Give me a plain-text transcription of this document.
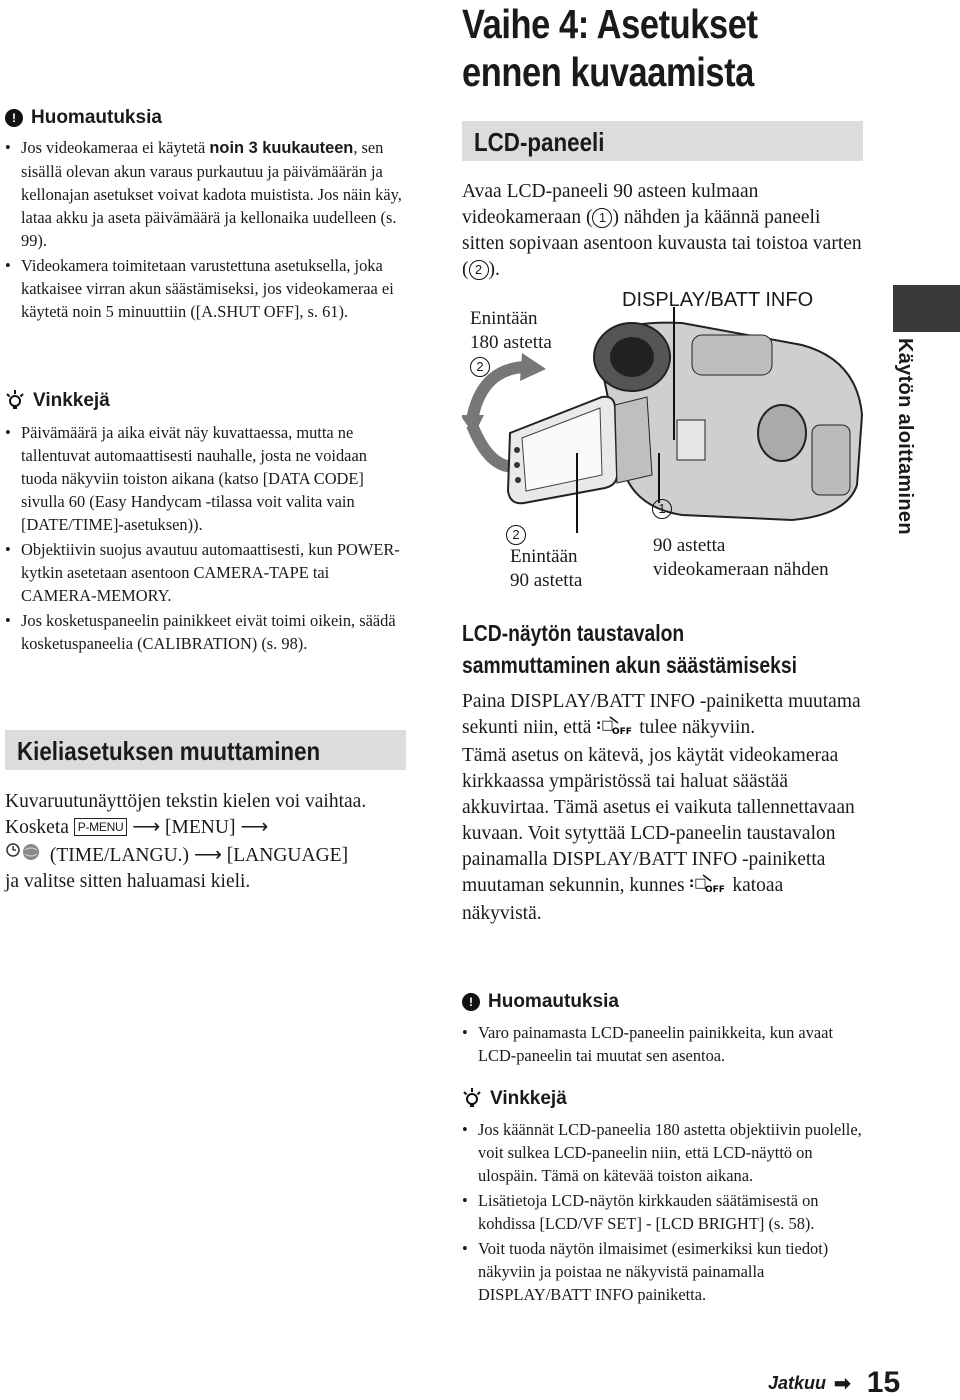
Vaihe 4: Asetukset
ennen kuvaamista
Käytön aloittaminen
! Huomautuksia
• Jos videokameraa ei käytetä noin 3 kuukauteen, sen sisällä olevan akun varaus purkautuu ja päivämäärän ja kellonajan asetukset voivat kadota muistista. Jos näin käy, lataa akku ja aseta päivämäärä ja kellonaika uudelleen (s. 99).
• Videokamera toimitetaan varustettuna asetuksella, joka katkaisee virran akun säästämiseksi, jos videokameraa ei käytetä noin 5 minuuttiin ([A.SHUT OFF], s. 61).
Vinkkejä
• Päivämäärä ja aika eivät näy kuvattaessa, mutta ne tallentuvat automaattisesti nauhalle, josta ne voidaan tuoda näkyviin toiston aikana (katso [DATA CODE] sivulla 60 (Easy Handycam -tilassa voit valita vain [DATE/TIME]-asetuksen)).
• Objektiivin suojus avautuu automaattisesti, kun POWER-kytkin asetetaan asentoon CAMERA-TAPE tai CAMERA-MEMORY.
• Jos kosketuspaneelin painikkeet eivät toimi oikein, säädä kosketuspaneelia (CALIBRATION) (s. 98).
Kieliasetuksen muuttaminen
Kuvaruutunäyttöjen tekstin kielen voi vaihtaa.
Kosketa P-MENU ⟶ [MENU] ⟶
(TIME/LANGU.) ⟶ [LANGUAGE]
ja valitse sitten haluamasi kieli.
LCD-paneeli
Avaa LCD-paneeli 90 asteen kulmaan videokameraan ( 1 ) nähden ja käännä paneeli sitten sopivaan asentoon kuvausta tai toistoa varten ( 2 ).
DISPLAY/BATT INFO
Enintään
180 astetta
2
2
Enintään
90 astetta
1
90 astetta
videokameraan nähden
LCD-näytön taustavalon
sammuttaminen akun säästämiseksi
Paina DISPLAY/BATT INFO -painiketta muutama sekunti niin, että :□
OFF tulee näkyviin.
Tämä asetus on kätevä, jos käytät videokameraa kirkkaassa ympäristössä tai haluat säästää akkuvirtaa. Tämä asetus ei vaikuta tallennettavaan kuvaan. Voit sytyttää LCD-paneelin taustavalon painamalla DISPLAY/BATT INFO -painiketta muutaman sekunnin, kunnes :□
OFF katoaa näkyvistä.
! Huomautuksia
• Varo painamasta LCD-paneelin painikkeita, kun avaat LCD-paneelin tai muutat sen asentoa.
Vinkkejä
• Jos käännät LCD-paneelia 180 astetta objektiivin puolelle, voit sulkea LCD-paneelin niin, että LCD-näyttö on ulospäin. Tämä on kätevää toiston aikana.
• Lisätietoja LCD-näytön kirkkauden säätämisestä on kohdissa [LCD/VF SET] - [LCD BRIGHT] (s. 58).
• Voit tuoda näytön ilmaisimet (esimerkiksi kun tiedot) näkyviin ja poistaa ne näkyvistä painamalla DISPLAY/BATT INFO painiketta.
Jatkuu ➡ 15
